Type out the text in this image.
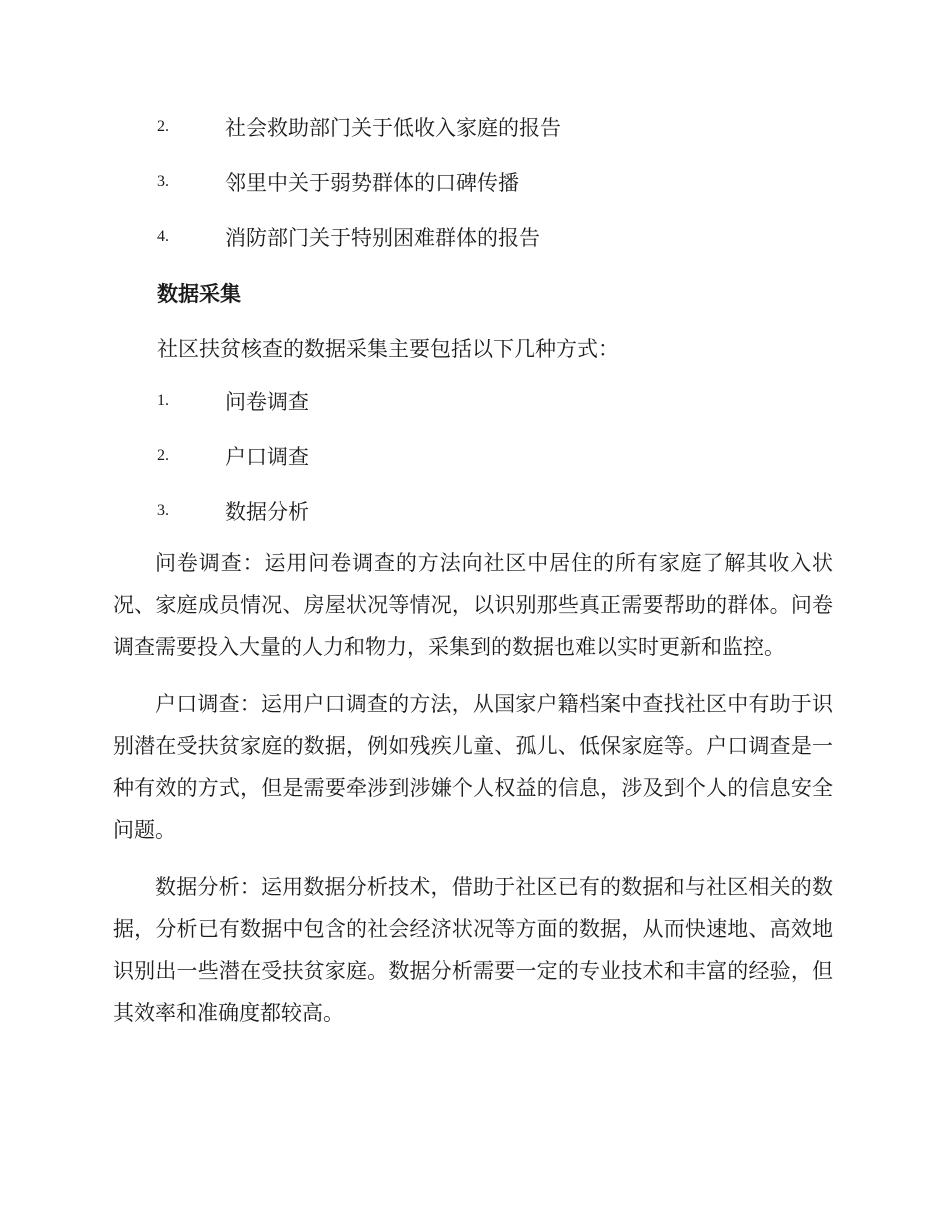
2.	社会救助部门关于低收入家庭的报告
3.	邻里中关于弱势群体的口碑传播
4.	消防部门关于特别困难群体的报告
数据采集
社区扶贫核查的数据采集主要包括以下几种方式：
1.	问卷调查
2.	户口调查
3.	数据分析

问卷调查：运用问卷调查的方法向社区中居住的所有家庭了解其收入状况、家庭成员情况、房屋状况等情况，以识别那些真正需要帮助的群体。问卷调查需要投入大量的人力和物力，采集到的数据也难以实时更新和监控。

户口调查：运用户口调查的方法，从国家户籍档案中查找社区中有助于识别潜在受扶贫家庭的数据，例如残疾儿童、孤儿、低保家庭等。户口调查是一种有效的方式，但是需要牵涉到涉嫌个人权益的信息，涉及到个人的信息安全问题。

数据分析：运用数据分析技术，借助于社区已有的数据和与社区相关的数据，分析已有数据中包含的社会经济状况等方面的数据，从而快速地、高效地识别出一些潜在受扶贫家庭。数据分析需要一定的专业技术和丰富的经验，但其效率和准确度都较高。
